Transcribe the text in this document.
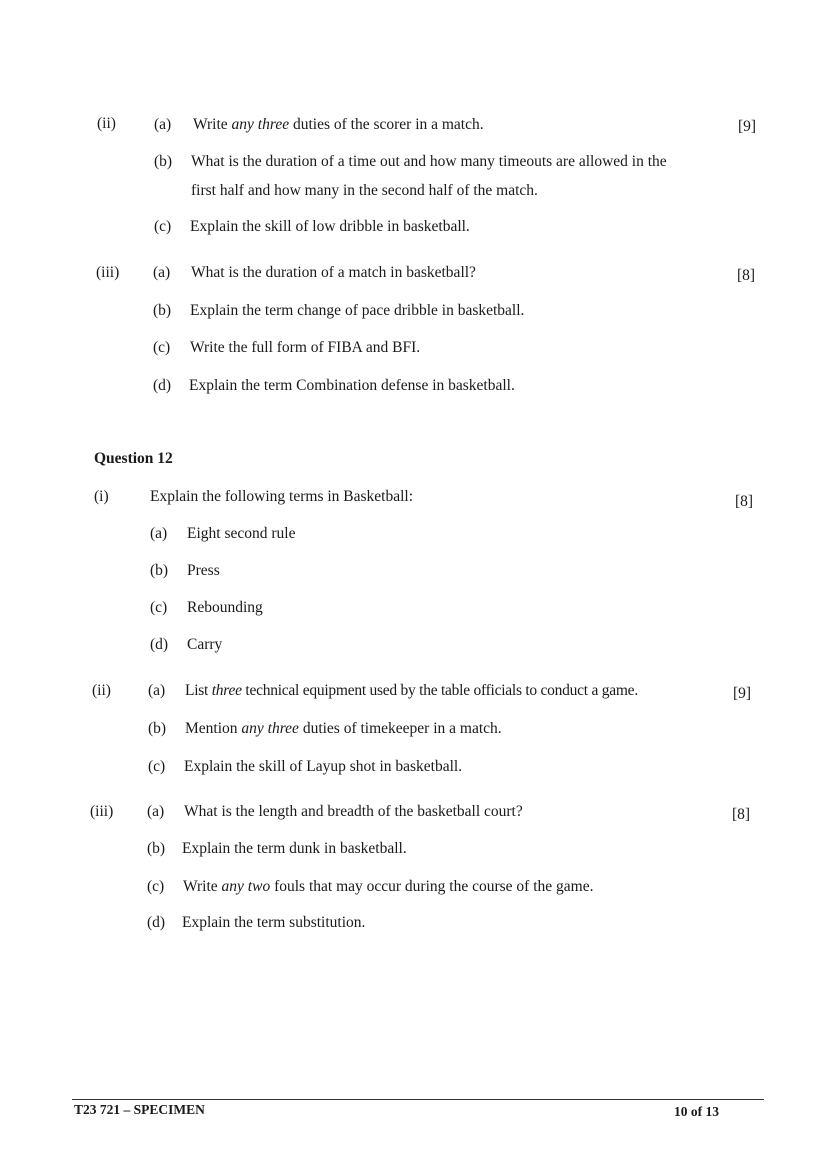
(ii) (a) Write any three duties of the scorer in a match.	[9]
(b) What is the duration of a time out and how many timeouts are allowed in the
first half and how many in the second half of the match.
(c) Explain the skill of low dribble in basketball.
(iii) (a) What is the duration of a match in basketball?	[8]
(b) Explain the term change of pace dribble in basketball.
(c) Write the full form of FIBA and BFI.
(d) Explain the term Combination defense in basketball.
Question 12
(i)	Explain the following terms in Basketball:	[8]
(a) Eight second rule
(b) Press
(c) Rebounding
(d) Carry
(ii) (a) List three technical equipment used by the table officials to conduct a game.	[9]
(b) Mention any three duties of timekeeper in a match.
(c) Explain the skill of Layup shot in basketball.
(iii) (a) What is the length and breadth of the basketball court?	[8]
(b) Explain the term dunk in basketball.
(c) Write any two fouls that may occur during the course of the game.
(d) Explain the term substitution.
T23 721 – SPECIMEN	10 of 13
